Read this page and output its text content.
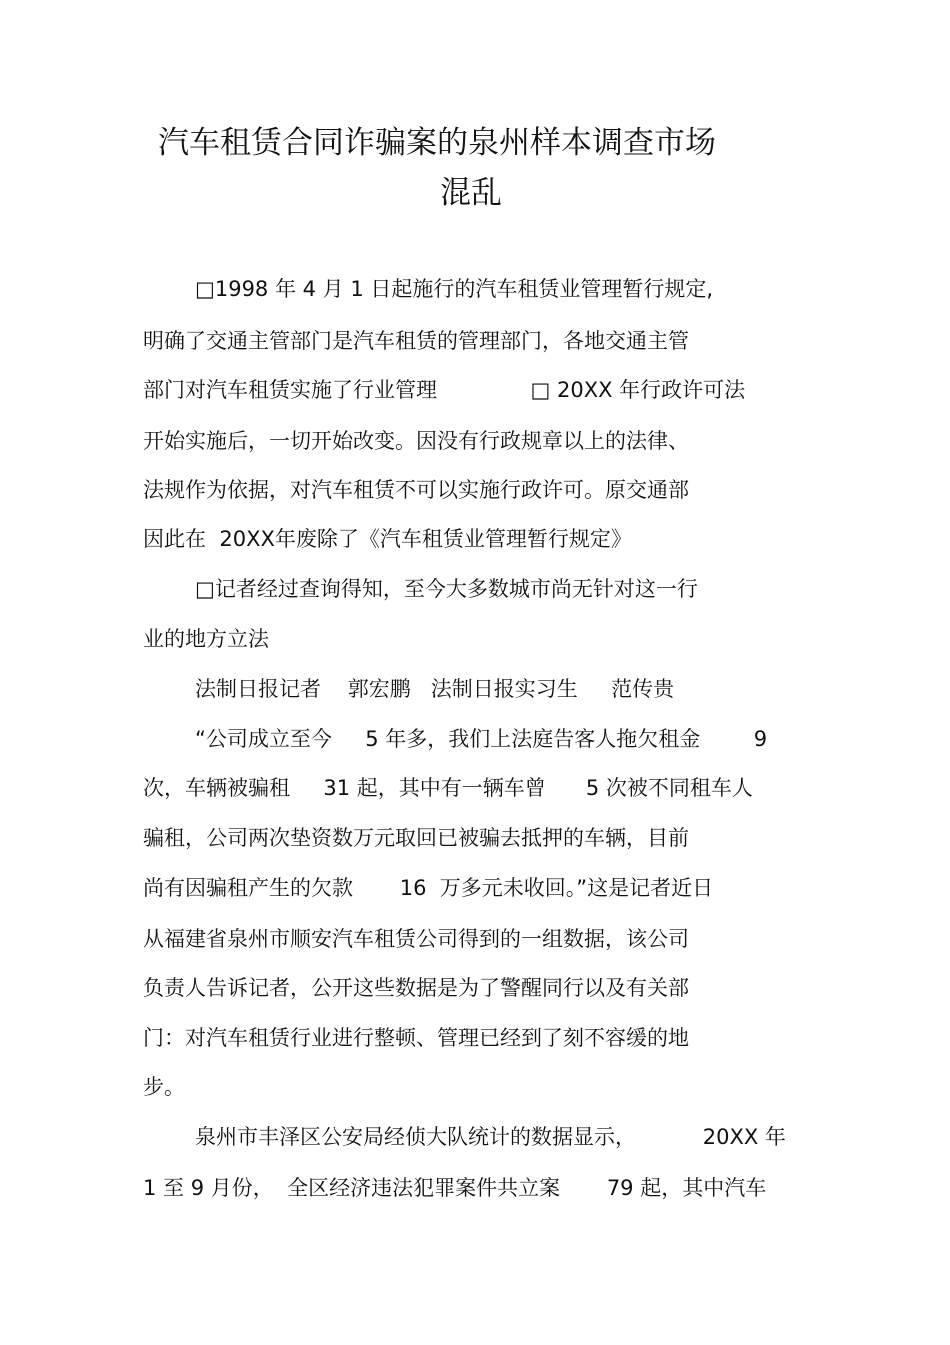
汽车租赁合同诈骗案的泉州样本调查市场
混乱
□1998 年 4 月 1 日起施行的汽车租赁业管理暂行规定,
明确了交通主管部门是汽车租赁的管理部门，各地交通主管
部门对汽车租赁实施了行业管理              □ 20XX 年行政许可法
开始实施后，一切开始改变。因没有行政规章以上的法律、
法规作为依据，对汽车租赁不可以实施行政许可。原交通部
因此在  20XX年废除了《汽车租赁业管理暂行规定》
□记者经过查询得知，至今大多数城市尚无针对这一行
业的地方立法
法制日报记者    郭宏鹏   法制日报实习生     范传贵
“公司成立至今     5 年多，我们上法庭告客人拖欠租金        9
次，车辆被骗租     31 起，其中有一辆车曾      5 次被不同租车人
骗租，公司两次垫资数万元取回已被骗去抵押的车辆，目前
尚有因骗租产生的欠款       16  万多元未收回。”这是记者近日
从福建省泉州市顺安汽车租赁公司得到的一组数据，该公司
负责人告诉记者，公开这些数据是为了警醒同行以及有关部
门：对汽车租赁行业进行整顿、管理已经到了刻不容缓的地
步。
泉州市丰泽区公安局经侦大队统计的数据显示，          20XX 年
1 至 9 月份，  全区经济违法犯罪案件共立案       79 起，其中汽车
